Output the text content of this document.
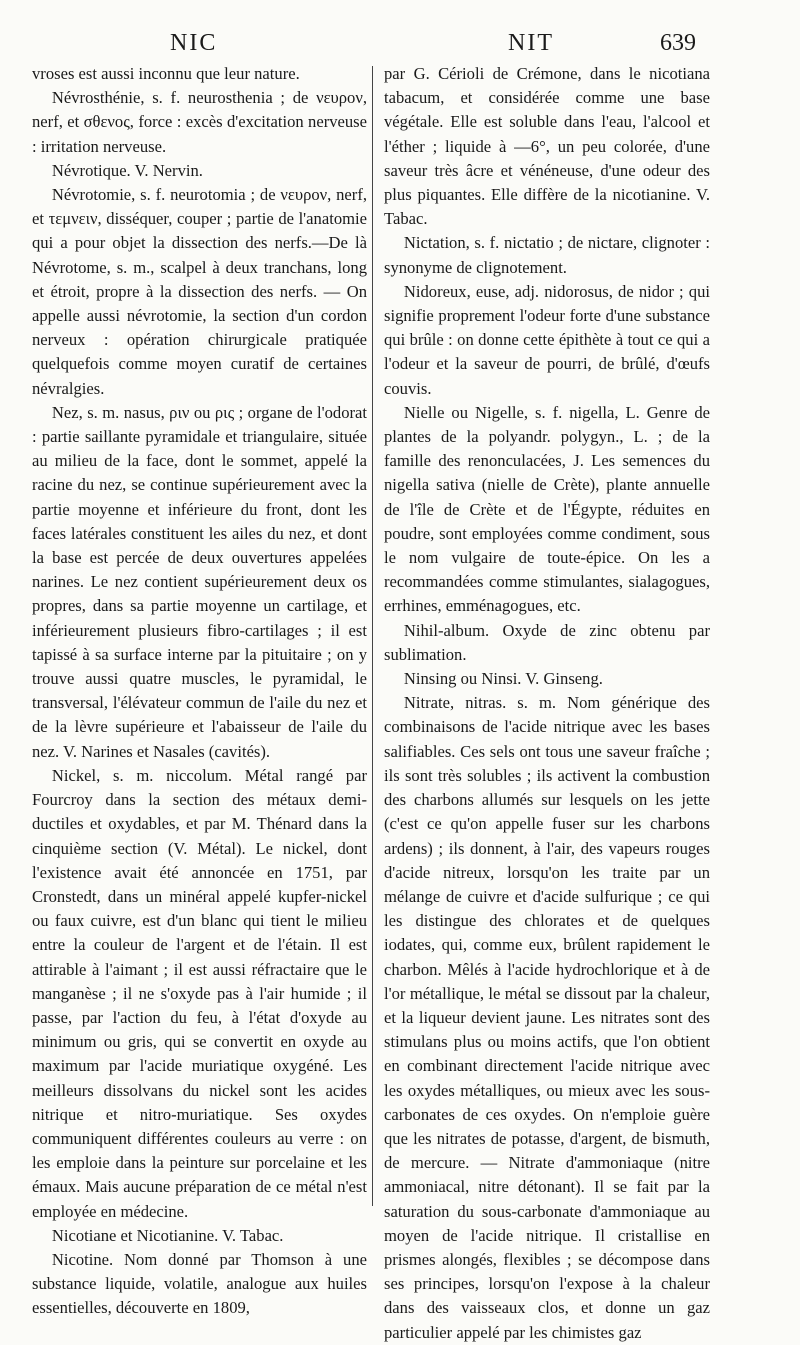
NIC	NIT	639

vroses est aussi inconnu que leur nature.

Névrosthénie, s. f. neurosthenia ; de νευρον, nerf, et σθενος, force : excès d'excitation nerveuse : irritation nerveuse.

Névrotique. V. Nervin.

Névrotomie, s. f. neurotomia ; de νευρον, nerf, et τεμνειν, disséquer, couper ; partie de l'anatomie qui a pour objet la dissection des nerfs.—De là Névrotome, s. m., scalpel à deux tranchans, long et étroit, propre à la dissection des nerfs. — On appelle aussi névrotomie, la section d'un cordon nerveux : opération chirurgicale pratiquée quelquefois comme moyen curatif de certaines névralgies.

Nez, s. m. nasus, ριν ou ρις ; organe de l'odorat : partie saillante pyramidale et triangulaire, située au milieu de la face, dont le sommet, appelé la racine du nez, se continue supérieurement avec la partie moyenne et inférieure du front, dont les faces latérales constituent les ailes du nez, et dont la base est percée de deux ouvertures appelées narines. Le nez contient supérieurement deux os propres, dans sa partie moyenne un cartilage, et inférieurement plusieurs fibro-cartilages ; il est tapissé à sa surface interne par la pituitaire ; on y trouve aussi quatre muscles, le pyramidal, le transversal, l'élévateur commun de l'aile du nez et de la lèvre supérieure et l'abaisseur de l'aile du nez. V. Narines et Nasales (cavités).

Nickel, s. m. niccolum. Métal rangé par Fourcroy dans la section des métaux demi-ductiles et oxydables, et par M. Thénard dans la cinquième section (V. Métal). Le nickel, dont l'existence avait été annoncée en 1751, par Cronstedt, dans un minéral appelé kupfer-nickel ou faux cuivre, est d'un blanc qui tient le milieu entre la couleur de l'argent et de l'étain. Il est attirable à l'aimant ; il est aussi réfractaire que le manganèse ; il ne s'oxyde pas à l'air humide ; il passe, par l'action du feu, à l'état d'oxyde au minimum ou gris, qui se convertit en oxyde au maximum par l'acide muriatique oxygéné. Les meilleurs dissolvans du nickel sont les acides nitrique et nitro-muriatique. Ses oxydes communiquent différentes couleurs au verre : on les emploie dans la peinture sur porcelaine et les émaux. Mais aucune préparation de ce métal n'est employée en médecine.

Nicotiane et Nicotianine. V. Tabac.

Nicotine. Nom donné par Thomson à une substance liquide, volatile, analogue aux huiles essentielles, découverte en 1809,

par G. Cérioli de Crémone, dans le nicotiana tabacum, et considérée comme une base végétale. Elle est soluble dans l'eau, l'alcool et l'éther ; liquide à —6°, un peu colorée, d'une saveur très âcre et vénéneuse, d'une odeur des plus piquantes. Elle diffère de la nicotianine. V. Tabac.

Nictation, s. f. nictatio ; de nictare, clignoter : synonyme de clignotement.

Nidoreux, euse, adj. nidorosus, de nidor ; qui signifie proprement l'odeur forte d'une substance qui brûle : on donne cette épithète à tout ce qui a l'odeur et la saveur de pourri, de brûlé, d'œufs couvis.

Nielle ou Nigelle, s. f. nigella, L. Genre de plantes de la polyandr. polygyn., L. ; de la famille des renonculacées, J. Les semences du nigella sativa (nielle de Crète), plante annuelle de l'île de Crète et de l'Égypte, réduites en poudre, sont employées comme condiment, sous le nom vulgaire de toute-épice. On les a recommandées comme stimulantes, sialagogues, errhines, emménagogues, etc.

Nihil-album. Oxyde de zinc obtenu par sublimation.

Ninsing ou Ninsi. V. Ginseng.

Nitrate, nitras. s. m. Nom générique des combinaisons de l'acide nitrique avec les bases salifiables. Ces sels ont tous une saveur fraîche ; ils sont très solubles ; ils activent la combustion des charbons allumés sur lesquels on les jette (c'est ce qu'on appelle fuser sur les charbons ardens) ; ils donnent, à l'air, des vapeurs rouges d'acide nitreux, lorsqu'on les traite par un mélange de cuivre et d'acide sulfurique ; ce qui les distingue des chlorates et de quelques iodates, qui, comme eux, brûlent rapidement le charbon. Mêlés à l'acide hydrochlorique et à de l'or métallique, le métal se dissout par la chaleur, et la liqueur devient jaune. Les nitrates sont des stimulans plus ou moins actifs, que l'on obtient en combinant directement l'acide nitrique avec les oxydes métalliques, ou mieux avec les sous-carbonates de ces oxydes. On n'emploie guère que les nitrates de potasse, d'argent, de bismuth, de mercure. — Nitrate d'ammoniaque (nitre ammoniacal, nitre détonant). Il se fait par la saturation du sous-carbonate d'ammoniaque au moyen de l'acide nitrique. Il cristallise en prismes alongés, flexibles ; se décompose dans ses principes, lorsqu'on l'expose à la chaleur dans des vaisseaux clos, et donne un gaz particulier appelé par les chimistes gaz
